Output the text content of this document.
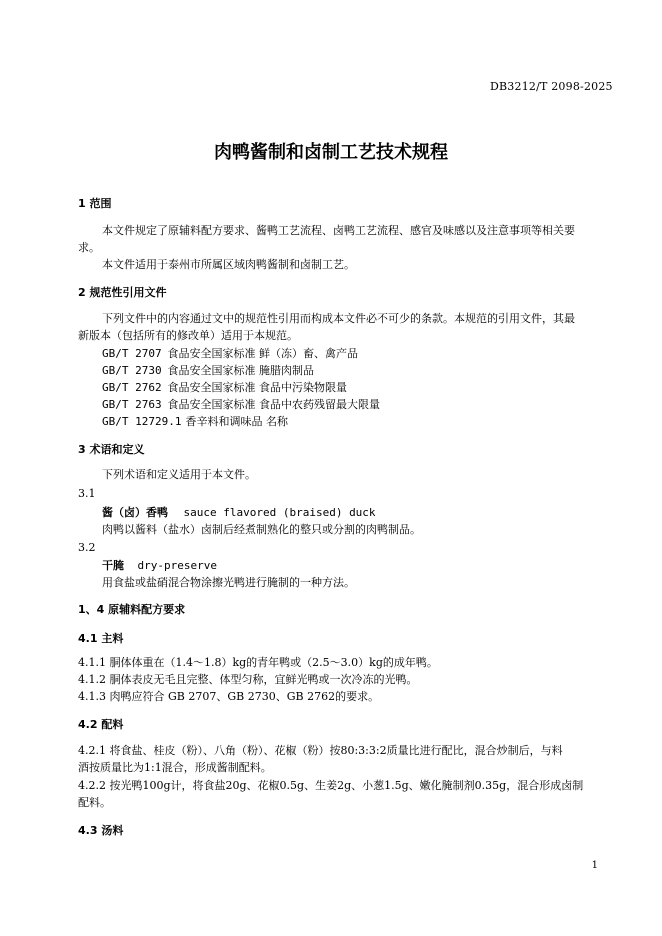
DB3212/T 2098-2025
肉鸭酱制和卤制工艺技术规程
1 范围
本文件规定了原辅料配方要求、酱鸭工艺流程、卤鸭工艺流程、感官及味感以及注意事项等相关要
求。
本文件适用于泰州市所属区域肉鸭酱制和卤制工艺。
2 规范性引用文件
下列文件中的内容通过文中的规范性引用而构成本文件必不可少的条款。本规范的引用文件，其最
新版本（包括所有的修改单）适用于本规范。
GB/T 2707 食品安全国家标准 鲜（冻）畜、禽产品
GB/T 2730 食品安全国家标准 腌腊肉制品
GB/T 2762 食品安全国家标准 食品中污染物限量
GB/T 2763 食品安全国家标准 食品中农药残留最大限量
GB/T 12729.1 香辛料和调味品 名称
3 术语和定义
下列术语和定义适用于本文件。
3.1
酱（卤）香鸭 sauce flavored (braised) duck
肉鸭以酱料（盐水）卤制后经煮制熟化的整只或分割的肉鸭制品。
3.2
干腌 dry-preserve
用食盐或盐硝混合物涂擦光鸭进行腌制的一种方法。
1、4 原辅料配方要求
4.1 主料
4.1.1 胴体体重在（1.4～1.8）kg的青年鸭或（2.5～3.0）kg的成年鸭。
4.1.2 胴体表皮无毛且完整、体型匀称，宜鲜光鸭或一次冷冻的光鸭。
4.1.3 肉鸭应符合 GB 2707、GB 2730、GB 2762的要求。
4.2 配料
4.2.1 将食盐、桂皮（粉）、八角（粉）、花椒（粉）按80:3:3:2质量比进行配比，混合炒制后，与料
酒按质量比为1:1混合，形成酱制配料。
4.2.2 按光鸭100g计，将食盐20g、花椒0.5g、生姜2g、小葱1.5g、嫩化腌制剂0.35g，混合形成卤制
配料。
4.3 汤料
1
